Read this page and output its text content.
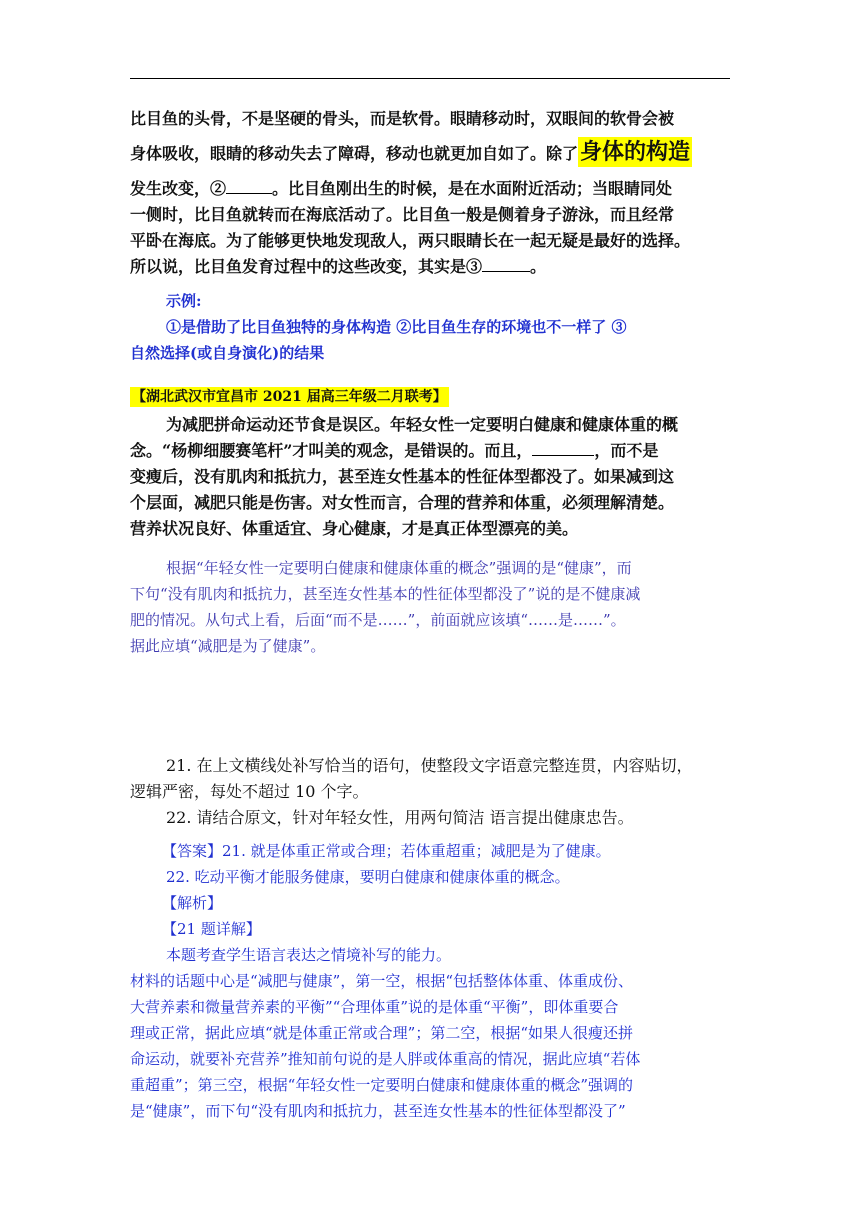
比目鱼的头骨，不是坚硬的骨头，而是软骨。眼睛移动时，双眼间的软骨会被
身体吸收，眼睛的移动失去了障碍，移动也就更加自如了。除了身体的构造
发生改变，②	。比目鱼刚出生的时候，是在水面附近活动；当眼睛同处
一侧时，比目鱼就转而在海底活动了。比目鱼一般是侧着身子游泳，而且经常
平卧在海底。为了能够更快地发现敌人，两只眼睛长在一起无疑是最好的选择。
所以说，比目鱼发育过程中的这些改变，其实是③	。
示例:
①是借助了比目鱼独特的身体构造 ②比目鱼生存的环境也不一样了 ③
自然选择(或自身演化)的结果
【湖北武汉市宜昌市 2021 届高三年级二月联考】
为减肥拼命运动还节食是误区。年轻女性一定要明白健康和健康体重的概
念。“杨柳细腰赛笔杆”才叫美的观念，是错误的。而且，	，而不是
变瘦后，没有肌肉和抵抗力，甚至连女性基本的性征体型都没了。如果减到这
个层面，减肥只能是伤害。对女性而言，合理的营养和体重，必须理解清楚。
营养状况良好、体重适宜、身心健康，才是真正体型漂亮的美。
根据“年轻女性一定要明白健康和健康体重的概念”强调的是“健康”，而
下句“没有肌肉和抵抗力，甚至连女性基本的性征体型都没了”说的是不健康减
肥的情况。从句式上看，后面“而不是……”，前面就应该填“……是……”。
据此应填“减肥是为了健康”。
21. 在上文横线处补写恰当的语句，使整段文字语意完整连贯，内容贴切，
逻辑严密，每处不超过 10 个字。
22. 请结合原文，针对年轻女性，用两句简洁 语言提出健康忠告。
【答案】21. 就是体重正常或合理；若体重超重；减肥是为了健康。
22. 吃动平衡才能服务健康，要明白健康和健康体重的概念。
【解析】
【21 题详解】
本题考查学生语言表达之情境补写的能力。
材料的话题中心是“减肥与健康”，第一空，根据“包括整体体重、体重成份、
大营养素和微量营养素的平衡”“合理体重”说的是体重“平衡”，即体重要合
理或正常，据此应填“就是体重正常或合理”；第二空，根据“如果人很瘦还拼
命运动，就要补充营养”推知前句说的是人胖或体重高的情况，据此应填“若体
重超重”；第三空，根据“年轻女性一定要明白健康和健康体重的概念”强调的
是“健康”，而下句“没有肌肉和抵抗力，甚至连女性基本的性征体型都没了”
